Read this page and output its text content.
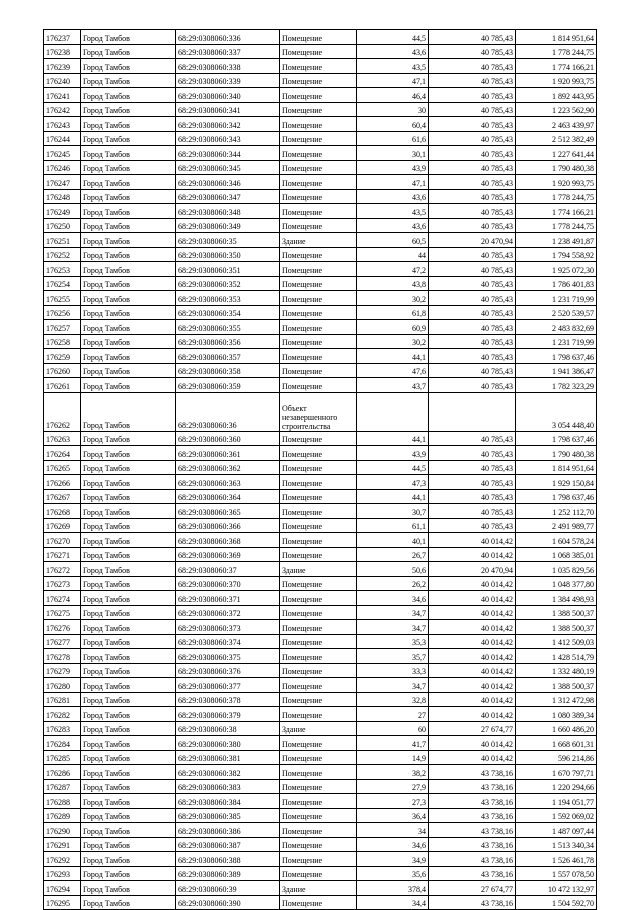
176237	Город Тамбов	68:29:0308060:336	Помещение	44,5	40 785,43	1 814 951,64
176238	Город Тамбов	68:29:0308060:337	Помещение	43,6	40 785,43	1 778 244,75
176239	Город Тамбов	68:29:0308060:338	Помещение	43,5	40 785,43	1 774 166,21
176240	Город Тамбов	68:29:0308060:339	Помещение	47,1	40 785,43	1 920 993,75
176241	Город Тамбов	68:29:0308060:340	Помещение	46,4	40 785,43	1 892 443,95
176242	Город Тамбов	68:29:0308060:341	Помещение	30	40 785,43	1 223 562,90
176243	Город Тамбов	68:29:0308060:342	Помещение	60,4	40 785,43	2 463 439,97
176244	Город Тамбов	68:29:0308060:343	Помещение	61,6	40 785,43	2 512 382,49
176245	Город Тамбов	68:29:0308060:344	Помещение	30,1	40 785,43	1 227 641,44
176246	Город Тамбов	68:29:0308060:345	Помещение	43,9	40 785,43	1 790 480,38
176247	Город Тамбов	68:29:0308060:346	Помещение	47,1	40 785,43	1 920 993,75
176248	Город Тамбов	68:29:0308060:347	Помещение	43,6	40 785,43	1 778 244,75
176249	Город Тамбов	68:29:0308060:348	Помещение	43,5	40 785,43	1 774 166,21
176250	Город Тамбов	68:29:0308060:349	Помещение	43,6	40 785,43	1 778 244,75
176251	Город Тамбов	68:29:0308060:35	Здание	60,5	20 470,94	1 238 491,87
176252	Город Тамбов	68:29:0308060:350	Помещение	44	40 785,43	1 794 558,92
176253	Город Тамбов	68:29:0308060:351	Помещение	47,2	40 785,43	1 925 072,30
176254	Город Тамбов	68:29:0308060:352	Помещение	43,8	40 785,43	1 786 401,83
176255	Город Тамбов	68:29:0308060:353	Помещение	30,2	40 785,43	1 231 719,99
176256	Город Тамбов	68:29:0308060:354	Помещение	61,8	40 785,43	2 520 539,57
176257	Город Тамбов	68:29:0308060:355	Помещение	60,9	40 785,43	2 483 832,69
176258	Город Тамбов	68:29:0308060:356	Помещение	30,2	40 785,43	1 231 719,99
176259	Город Тамбов	68:29:0308060:357	Помещение	44,1	40 785,43	1 798 637,46
176260	Город Тамбов	68:29:0308060:358	Помещение	47,6	40 785,43	1 941 386,47
176261	Город Тамбов	68:29:0308060:359	Помещение	43,7	40 785,43	1 782 323,29
176262	Город Тамбов	68:29:0308060:36	Объект незавершенного строительства			3 054 448,40
176263	Город Тамбов	68:29:0308060:360	Помещение	44,1	40 785,43	1 798 637,46
176264	Город Тамбов	68:29:0308060:361	Помещение	43,9	40 785,43	1 790 480,38
176265	Город Тамбов	68:29:0308060:362	Помещение	44,5	40 785,43	1 814 951,64
176266	Город Тамбов	68:29:0308060:363	Помещение	47,3	40 785,43	1 929 150,84
176267	Город Тамбов	68:29:0308060:364	Помещение	44,1	40 785,43	1 798 637,46
176268	Город Тамбов	68:29:0308060:365	Помещение	30,7	40 785,43	1 252 112,70
176269	Город Тамбов	68:29:0308060:366	Помещение	61,1	40 785,43	2 491 989,77
176270	Город Тамбов	68:29:0308060:368	Помещение	40,1	40 014,42	1 604 578,24
176271	Город Тамбов	68:29:0308060:369	Помещение	26,7	40 014,42	1 068 385,01
176272	Город Тамбов	68:29:0308060:37	Здание	50,6	20 470,94	1 035 829,56
176273	Город Тамбов	68:29:0308060:370	Помещение	26,2	40 014,42	1 048 377,80
176274	Город Тамбов	68:29:0308060:371	Помещение	34,6	40 014,42	1 384 498,93
176275	Город Тамбов	68:29:0308060:372	Помещение	34,7	40 014,42	1 388 500,37
176276	Город Тамбов	68:29:0308060:373	Помещение	34,7	40 014,42	1 388 500,37
176277	Город Тамбов	68:29:0308060:374	Помещение	35,3	40 014,42	1 412 509,03
176278	Город Тамбов	68:29:0308060:375	Помещение	35,7	40 014,42	1 428 514,79
176279	Город Тамбов	68:29:0308060:376	Помещение	33,3	40 014,42	1 332 480,19
176280	Город Тамбов	68:29:0308060:377	Помещение	34,7	40 014,42	1 388 500,37
176281	Город Тамбов	68:29:0308060:378	Помещение	32,8	40 014,42	1 312 472,98
176282	Город Тамбов	68:29:0308060:379	Помещение	27	40 014,42	1 080 389,34
176283	Город Тамбов	68:29:0308060:38	Здание	60	27 674,77	1 660 486,20
176284	Город Тамбов	68:29:0308060:380	Помещение	41,7	40 014,42	1 668 601,31
176285	Город Тамбов	68:29:0308060:381	Помещение	14,9	40 014,42	596 214,86
176286	Город Тамбов	68:29:0308060:382	Помещение	38,2	43 738,16	1 670 797,71
176287	Город Тамбов	68:29:0308060:383	Помещение	27,9	43 738,16	1 220 294,66
176288	Город Тамбов	68:29:0308060:384	Помещение	27,3	43 738,16	1 194 051,77
176289	Город Тамбов	68:29:0308060:385	Помещение	36,4	43 738,16	1 592 069,02
176290	Город Тамбов	68:29:0308060:386	Помещение	34	43 738,16	1 487 097,44
176291	Город Тамбов	68:29:0308060:387	Помещение	34,6	43 738,16	1 513 340,34
176292	Город Тамбов	68:29:0308060:388	Помещение	34,9	43 738,16	1 526 461,78
176293	Город Тамбов	68:29:0308060:389	Помещение	35,6	43 738,16	1 557 078,50
176294	Город Тамбов	68:29:0308060:39	Здание	378,4	27 674,77	10 472 132,97
176295	Город Тамбов	68:29:0308060:390	Помещение	34,4	43 738,16	1 504 592,70
